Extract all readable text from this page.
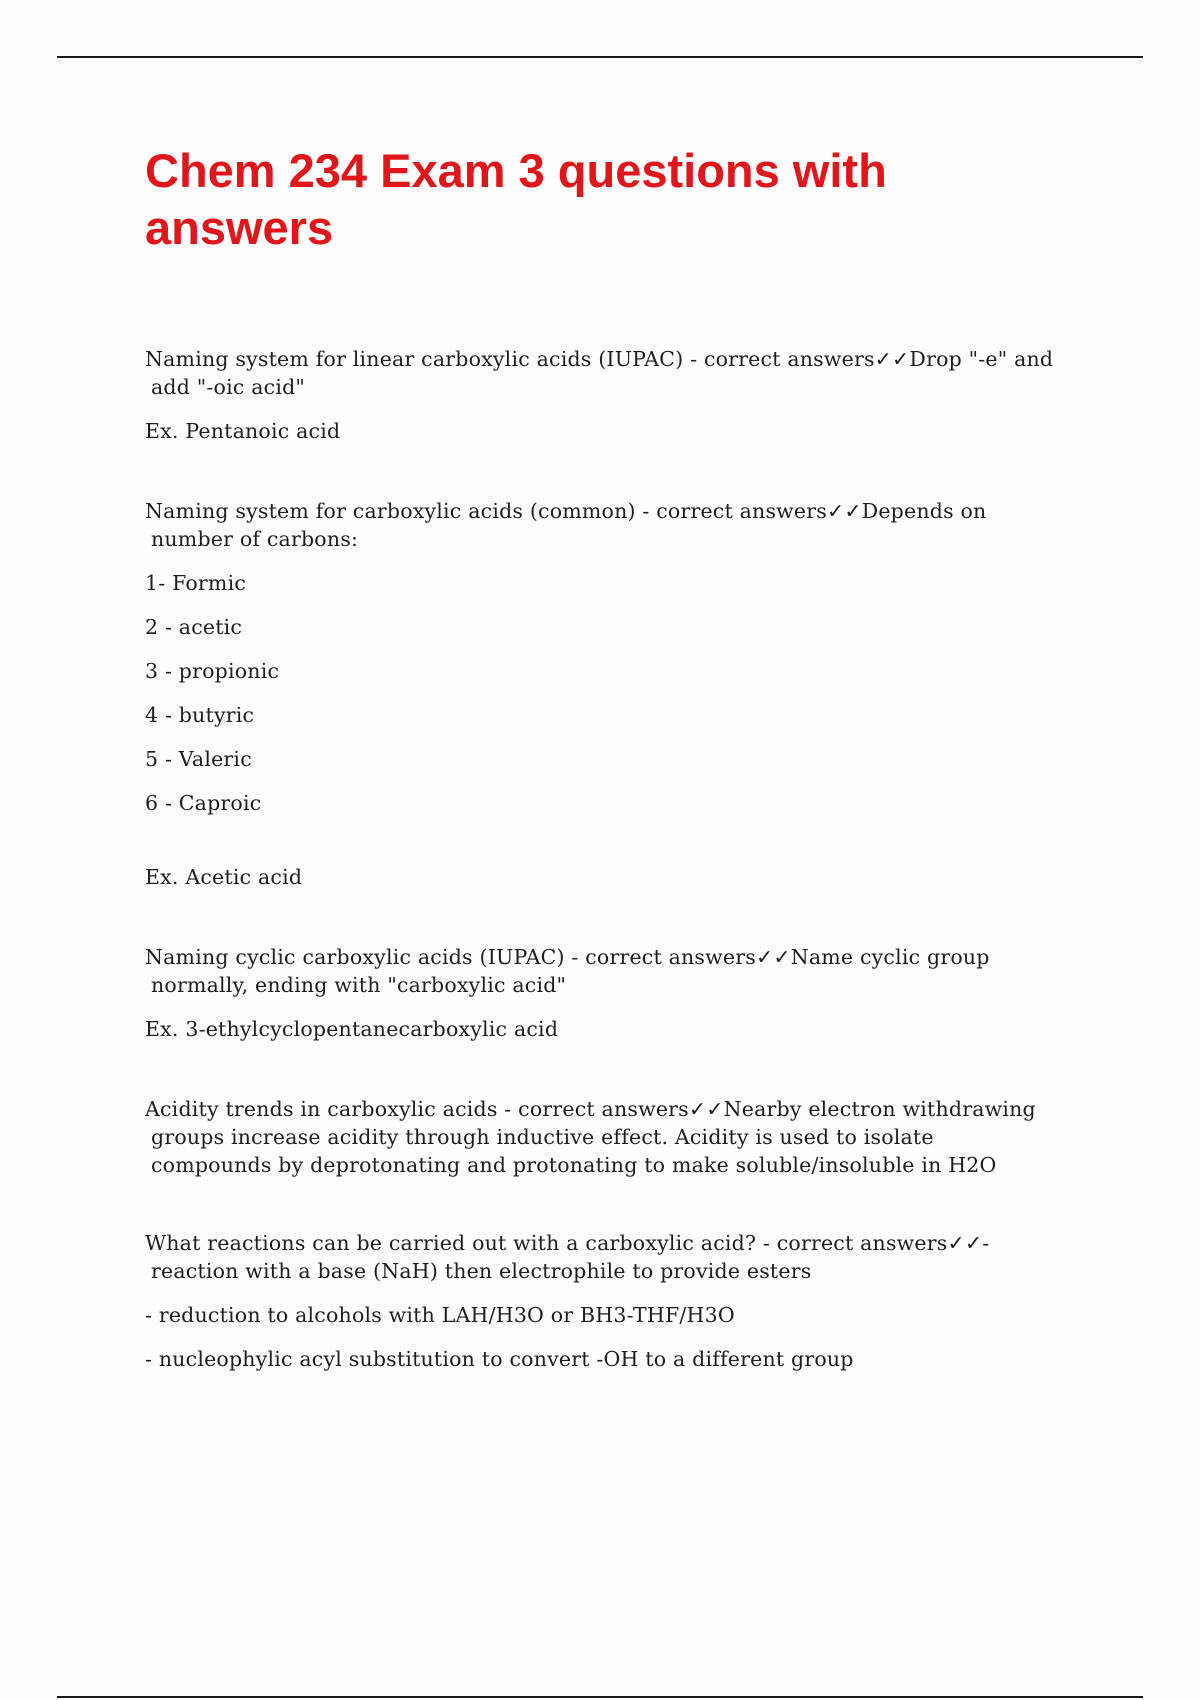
Chem 234 Exam 3 questions with answers
Naming system for linear carboxylic acids (IUPAC) - correct answers✓✓Drop "-e" and
add "-oic acid"

Ex. Pentanoic acid

Naming system for carboxylic acids (common) - correct answers✓✓Depends on
number of carbons:

1- Formic

2 - acetic

3 - propionic

4 - butyric

5 - Valeric

6 - Caproic

Ex. Acetic acid

Naming cyclic carboxylic acids (IUPAC) - correct answers✓✓Name cyclic group
normally, ending with "carboxylic acid"

Ex. 3-ethylcyclopentanecarboxylic acid

Acidity trends in carboxylic acids - correct answers✓✓Nearby electron withdrawing
groups increase acidity through inductive effect. Acidity is used to isolate
compounds by deprotonating and protonating to make soluble/insoluble in H2O
What reactions can be carried out with a carboxylic acid? - correct answers✓✓-
reaction with a base (NaH) then electrophile to provide esters

- reduction to alcohols with LAH/H3O or BH3-THF/H3O

- nucleophylic acyl substitution to convert -OH to a different group
